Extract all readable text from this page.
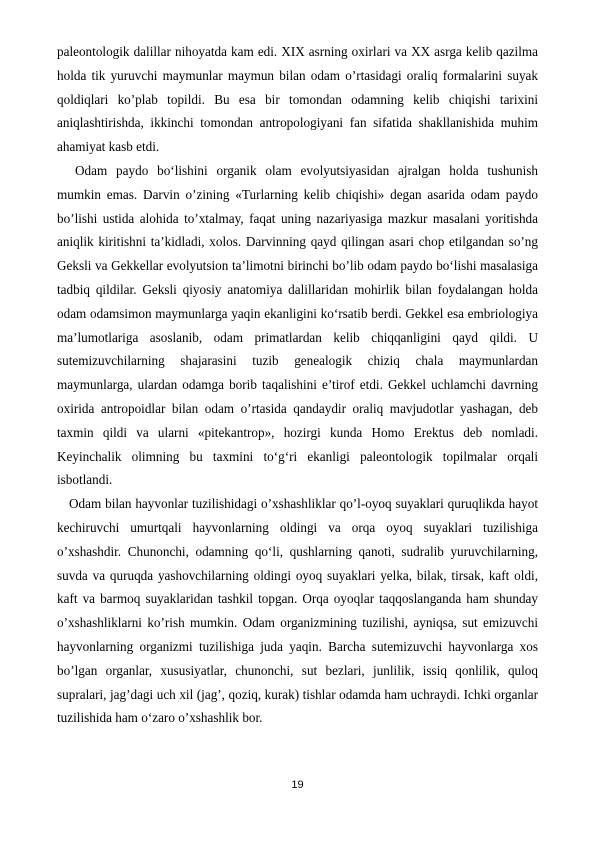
paleontologik dalillar nihoyatda kam edi. XIX asrning oxirlari va XX asrga kelib qazilma holda tik yuruvchi maymunlar maymun bilan odam o’rtasidagi oraliq formalarini suyak qoldiqlari ko’plab topildi. Bu esa bir tomondan odamning kelib chiqishi tarixini aniqlashtirishda, ikkinchi tomondan antropologiyani fan sifatida shakllanishida muhim ahamiyat kasb etdi.

Odam paydo bo‘lishini organik olam evolyutsiyasidan ajralgan holda tushunish mumkin emas. Darvin o’zining «Turlarning kelib chiqishi» degan asarida odam paydo bo’lishi ustida alohida to’xtalmay, faqat uning nazariyasiga mazkur masalani yoritishda aniqlik kiritishni ta’kidladi, xolos. Darvinning qayd qilingan asari chop etilgandan so’ng Geksli va Gekkellar evolyutsion ta’limotni birinchi bo’lib odam paydo bo‘lishi masalasiga tadbiq qildilar. Geksli qiyosiy anatomiya dalillaridan mohirlik bilan foydalangan holda odam odamsimon maymunlarga yaqin ekanligini ko‘rsatib berdi. Gekkel esa embriologiya ma’lumotlariga asoslanib, odam primatlardan kelib chiqqanligini qayd qildi. U sutemizuvchilarning shajarasini tuzib genealogik chiziq chala maymunlardan maymunlarga, ulardan odamga borib taqalishini e’tirof etdi. Gekkel uchlamchi davrning oxirida antropoidlar bilan odam o’rtasida qandaydir oraliq mavjudotlar yashagan, deb taxmin qildi va ularni «pitekantrop», hozirgi kunda Homo Erektus deb nomladi. Keyinchalik olimning bu taxmini to‘g‘ri ekanligi paleontologik topilmalar orqali isbotlandi.

Odam bilan hayvonlar tuzilishidagi o’xshashliklar qo’l-oyoq suyaklari quruqlikda hayot kechiruvchi umurtqali hayvonlarning oldingi va orqa oyoq suyaklari tuzilishiga o’xshashdir. Chunonchi, odamning qo‘li, qushlarning qanoti, sudralib yuruvchilarning, suvda va quruqda yashovchilarning oldingi oyoq suyaklari yelka, bilak, tirsak, kaft oldi, kaft va barmoq suyaklaridan tashkil topgan. Orqa oyoqlar taqqoslanganda ham shunday o’xshashliklarni ko’rish mumkin. Odam organizmining tuzilishi, ayniqsa, sut emizuvchi hayvonlarning organizmi tuzilishiga juda yaqin. Barcha sutemizuvchi hayvonlarga xos bo’lgan organlar, xususiyatlar, chunonchi, sut bezlari, junlilik, issiq qonlilik, quloq supralari, jag’dagi uch xil (jag’, qoziq, kurak) tishlar odamda ham uchraydi. Ichki organlar tuzilishida ham o‘zaro o’xshashlik bor.

19
